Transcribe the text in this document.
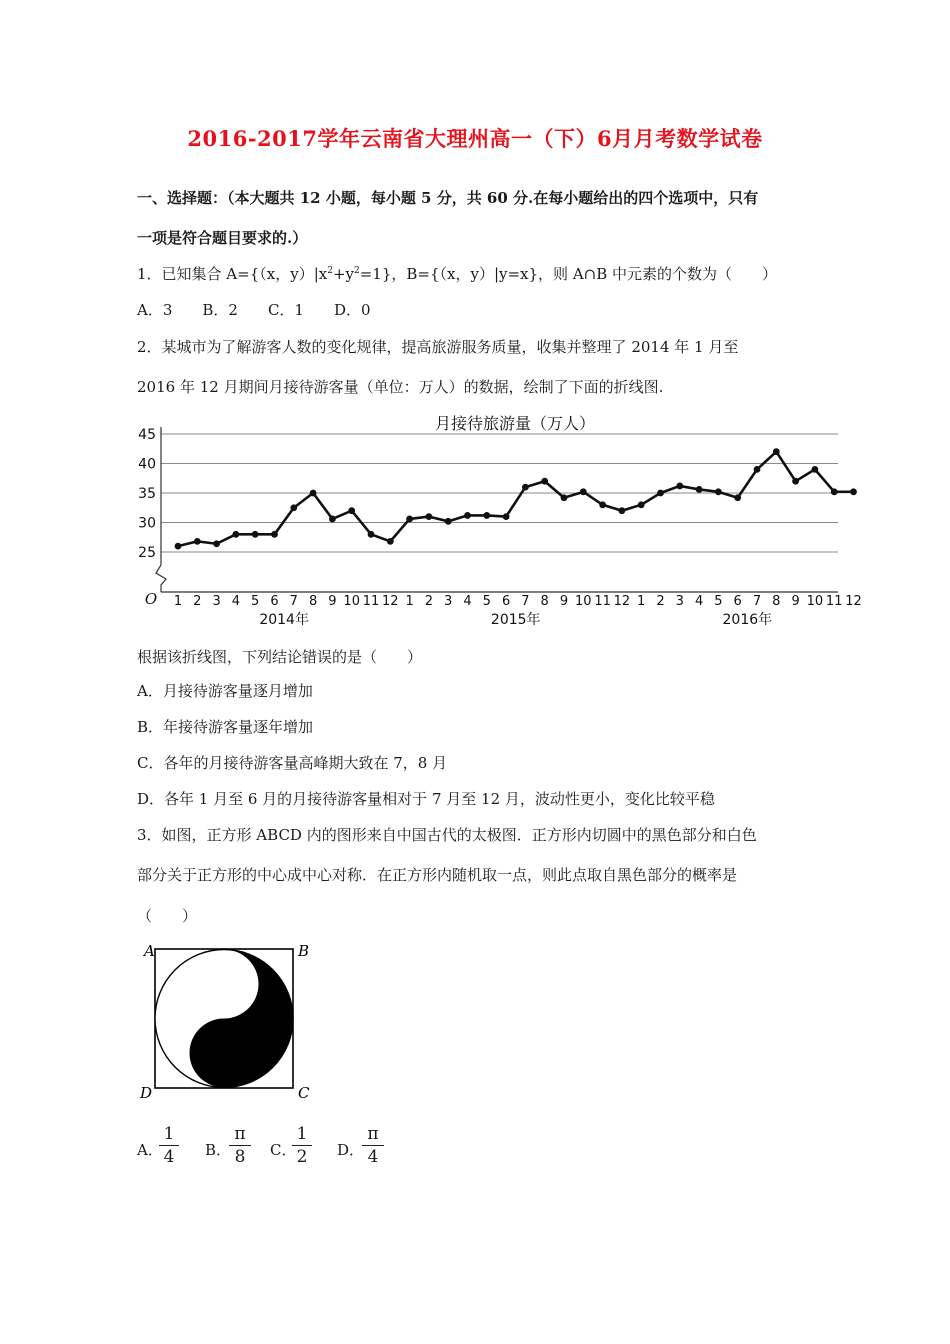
2016-2017学年云南省大理州高一（下）6月月考数学试卷
一、选择题：（本大题共 12 小题，每小题 5 分，共 60 分.在每小题给出的四个选项中，只有
一项是符合题目要求的.）
1．已知集合 A={（x，$y)|x^2+y^2=1$}，B={（x，y）|y=x}，则 A∩B 中元素的个数为（　　）
A．3　　B．2　　C．1　　D．0
2．某城市为了解游客人数的变化规律，提高旅游服务质量，收集并整理了 2014 年 1 月至
2016 年 12 月期间月接待游客量（单位：万人）的数据，绘制了下面的折线图.
月接待旅游量（万人）
25
30
35
40
45
O 1 2 3 4 5 6 7 8 9 10 11 12 1 2 3 4 5 6 7 8 9 10 11 12 1 2 3 4 5 6 7 8 9 10 11 12
2014年	2015年	2016年
根据该折线图，下列结论错误的是（　　）
A．月接待游客量逐月增加
B．年接待游客量逐年增加
C．各年的月接待游客量高峰期大致在 7，8 月
D．各年 1 月至 6 月的月接待游客量相对于 7 月至 12 月，波动性更小，变化比较平稳
3．如图，正方形 ABCD 内的图形来自中国古代的太极图．正方形内切圆中的黑色部分和白色
部分关于正方形的中心成中心对称．在正方形内随机取一点，则此点取自黑色部分的概率是
（　　）
A	B
C
D
A．
1
4	B．
π
8	C．
1
2	D．
π
4
